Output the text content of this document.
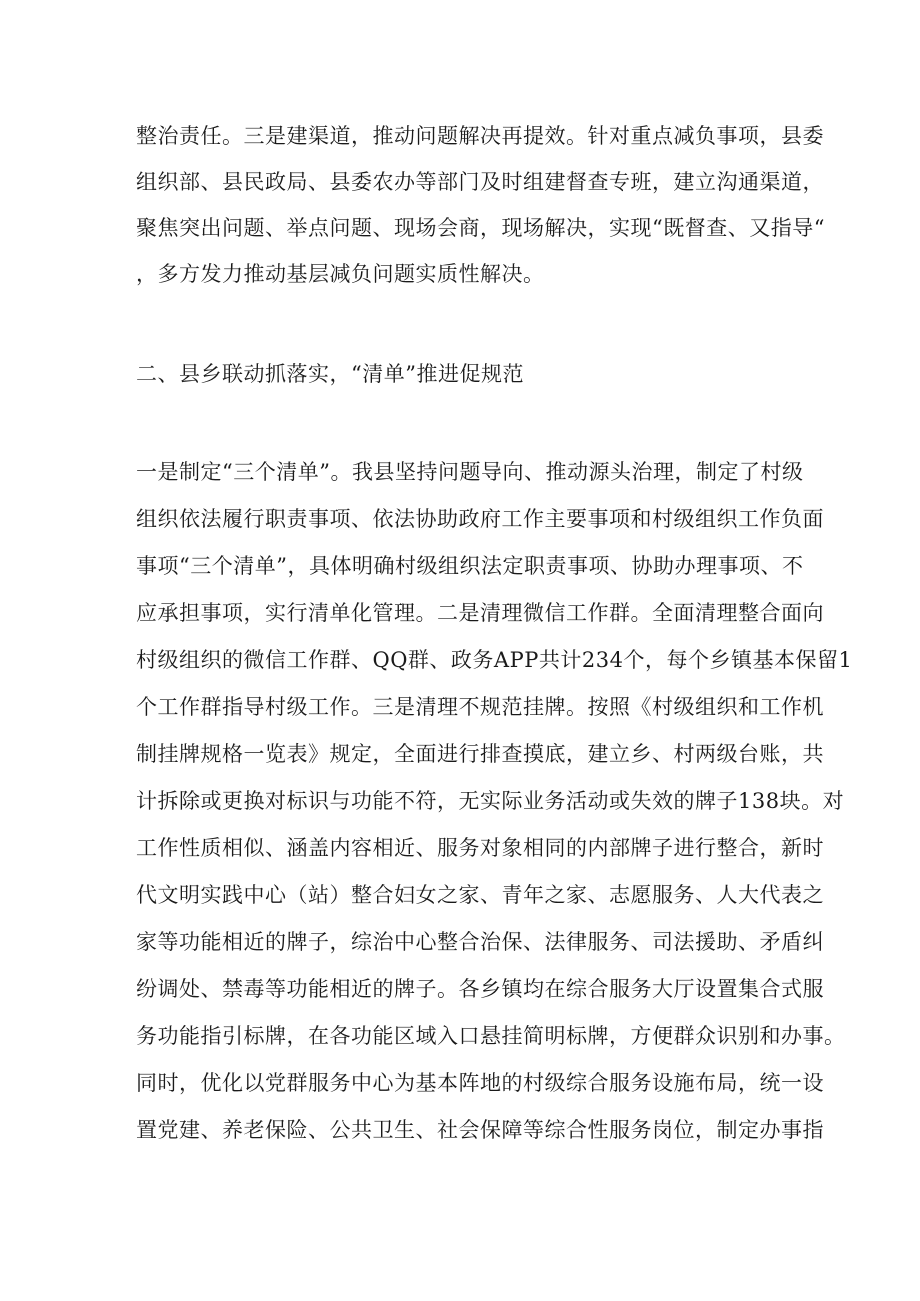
整治责任。三是建渠道，推动问题解决再提效。针对重点减负事项，县委
组织部、县民政局、县委农办等部门及时组建督查专班，建立沟通渠道，
聚焦突出问题、举点问题、现场会商，现场解决，实现“既督查、又指导“
，多方发力推动基层减负问题实质性解决。
二、县乡联动抓落实，“清单”推进促规范
一是制定“三个清单”。我县坚持问题导向、推动源头治理，制定了村级
组织依法履行职责事项、依法协助政府工作主要事项和村级组织工作负面
事项“三个清单”，具体明确村级组织法定职责事项、协助办理事项、不
应承担事项，实行清单化管理。二是清理微信工作群。全面清理整合面向
村级组织的微信工作群、QQ群、政务APP共计234个，每个乡镇基本保留1
个工作群指导村级工作。三是清理不规范挂牌。按照《村级组织和工作机
制挂牌规格一览表》规定，全面进行排查摸底，建立乡、村两级台账，共
计拆除或更换对标识与功能不符，无实际业务活动或失效的牌子138块。对
工作性质相似、涵盖内容相近、服务对象相同的内部牌子进行整合，新时
代文明实践中心（站）整合妇女之家、青年之家、志愿服务、人大代表之
家等功能相近的牌子，综治中心整合治保、法律服务、司法援助、矛盾纠
纷调处、禁毒等功能相近的牌子。各乡镇均在综合服务大厅设置集合式服
务功能指引标牌，在各功能区域入口悬挂简明标牌，方便群众识别和办事。
同时，优化以党群服务中心为基本阵地的村级综合服务设施布局，统一设
置党建、养老保险、公共卫生、社会保障等综合性服务岗位，制定办事指
